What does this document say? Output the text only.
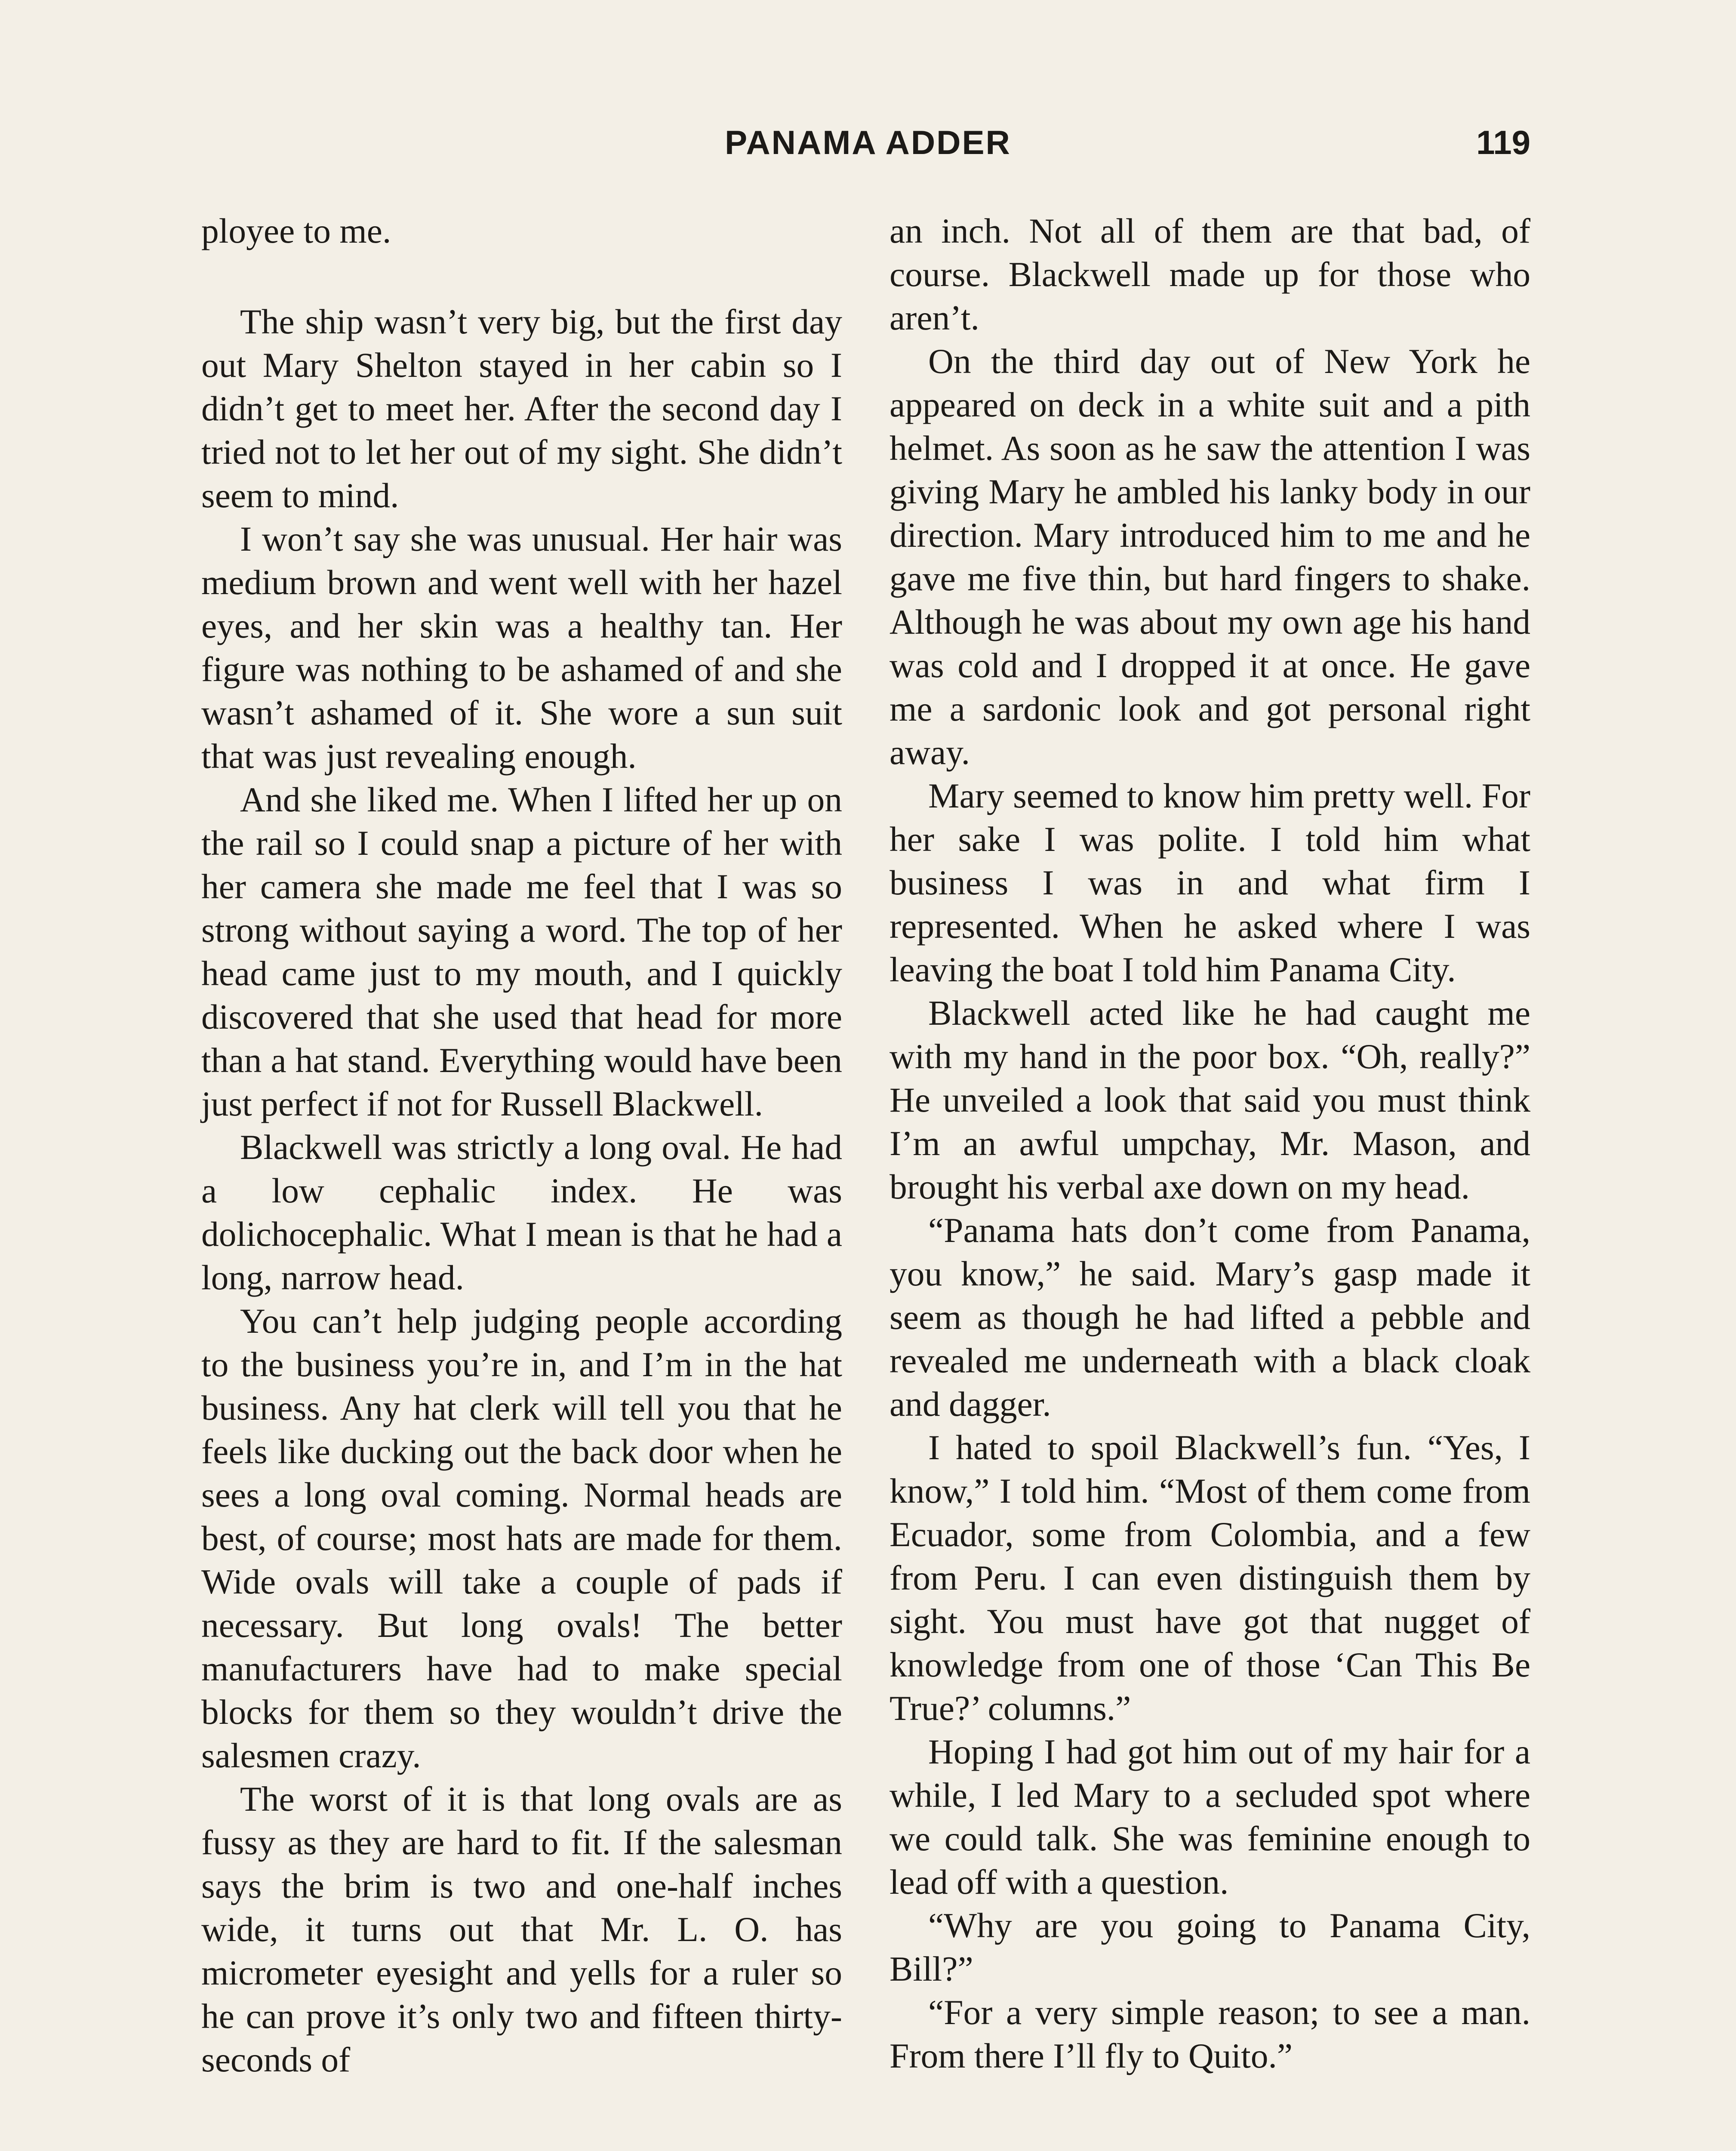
PANAMA ADDER	119

ployee to me.

The ship wasn’t very big, but the first day out Mary Shelton stayed in her cabin so I didn’t get to meet her. After the second day I tried not to let her out of my sight. She didn’t seem to mind.

I won’t say she was unusual. Her hair was medium brown and went well with her hazel eyes, and her skin was a healthy tan. Her figure was nothing to be ashamed of and she wasn’t ashamed of it. She wore a sun suit that was just revealing enough.

And she liked me. When I lifted her up on the rail so I could snap a picture of her with her camera she made me feel that I was so strong without saying a word. The top of her head came just to my mouth, and I quickly discovered that she used that head for more than a hat stand. Everything would have been just perfect if not for Russell Blackwell.

Blackwell was strictly a long oval. He had a low cephalic index. He was dolichocephalic. What I mean is that he had a long, narrow head.

You can’t help judging people according to the business you’re in, and I’m in the hat business. Any hat clerk will tell you that he feels like ducking out the back door when he sees a long oval coming. Normal heads are best, of course; most hats are made for them. Wide ovals will take a couple of pads if necessary. But long ovals! The better manufacturers have had to make special blocks for them so they wouldn’t drive the salesmen crazy.

The worst of it is that long ovals are as fussy as they are hard to fit. If the salesman says the brim is two and one-half inches wide, it turns out that Mr. L. O. has micrometer eyesight and yells for a ruler so he can prove it’s only two and fifteen thirty-seconds of

an inch. Not all of them are that bad, of course. Blackwell made up for those who aren’t.

On the third day out of New York he appeared on deck in a white suit and a pith helmet. As soon as he saw the attention I was giving Mary he ambled his lanky body in our direction. Mary introduced him to me and he gave me five thin, but hard fingers to shake. Although he was about my own age his hand was cold and I dropped it at once. He gave me a sardonic look and got personal right away.

Mary seemed to know him pretty well. For her sake I was polite. I told him what business I was in and what firm I represented. When he asked where I was leaving the boat I told him Panama City.

Blackwell acted like he had caught me with my hand in the poor box. “Oh, really?” He unveiled a look that said you must think I’m an awful umpchay, Mr. Mason, and brought his verbal axe down on my head.

“Panama hats don’t come from Panama, you know,” he said. Mary’s gasp made it seem as though he had lifted a pebble and revealed me underneath with a black cloak and dagger.

I hated to spoil Blackwell’s fun. “Yes, I know,” I told him. “Most of them come from Ecuador, some from Colombia, and a few from Peru. I can even distinguish them by sight. You must have got that nugget of knowledge from one of those ‘Can This Be True?’ columns.”

Hoping I had got him out of my hair for a while, I led Mary to a secluded spot where we could talk. She was feminine enough to lead off with a question.

“Why are you going to Panama City, Bill?”

“For a very simple reason; to see a man. From there I’ll fly to Quito.”
